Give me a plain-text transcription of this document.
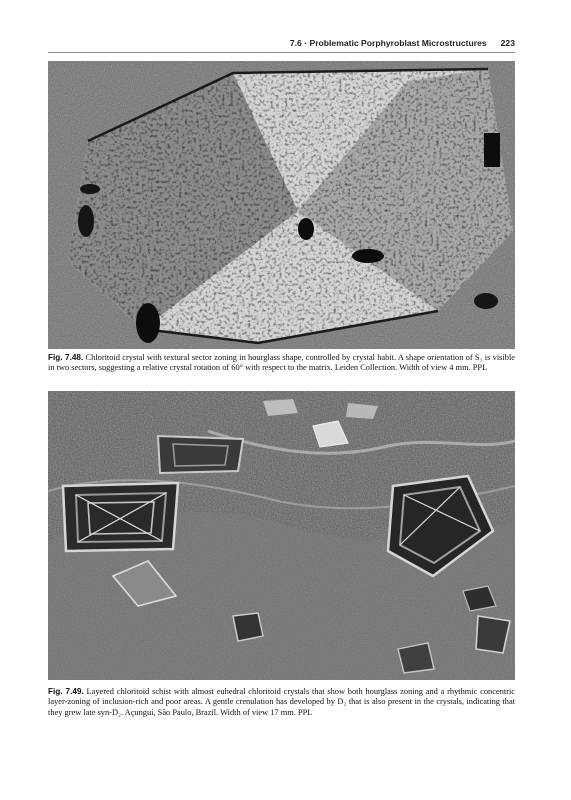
7.6 · Problematic Porphyroblast Microstructures 223
Fig. 7.48. Chloritoid crystal with textural sector zoning in hourglass shape, controlled by crystal habit. A shape orientation of S₁ is visible in two sectors, suggesting a relative crystal rotation of 60° with respect to the matrix. Leiden Collection. Width of view 4 mm. PPL
Fig. 7.49. Layered chloritoid schist with almost euhedral chloritoid crystals that show both hourglass zoning and a rhythmic concentric layer-zoning of inclusion-rich and poor areas. A gentle crenulation has developed by D₂ that is also present in the crystals, indicating that they grew late syn-D₂. Açunguí, São Paulo, Brazil. Width of view 17 mm. PPL
